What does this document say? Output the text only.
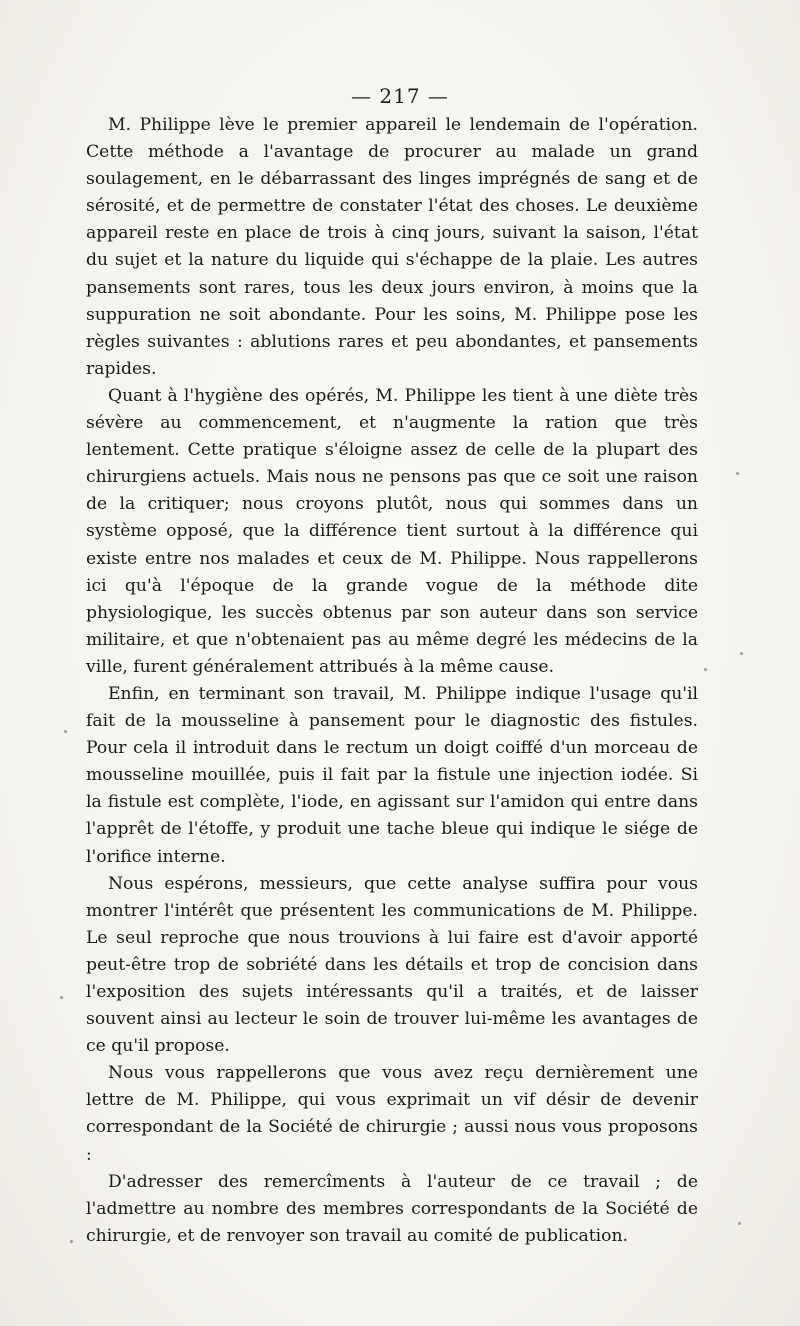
— 217 —

M. Philippe lève le premier appareil le lendemain de l'opération. Cette méthode a l'avantage de procurer au malade un grand soulagement, en le débarrassant des linges imprégnés de sang et de sérosité, et de permettre de constater l'état des choses. Le deuxième appareil reste en place de trois à cinq jours, suivant la saison, l'état du sujet et la nature du liquide qui s'échappe de la plaie. Les autres pansements sont rares, tous les deux jours environ, à moins que la suppuration ne soit abondante. Pour les soins, M. Philippe pose les règles suivantes : ablutions rares et peu abondantes, et pansements rapides.

Quant à l'hygiène des opérés, M. Philippe les tient à une diète très sévère au commencement, et n'augmente la ration que très lentement. Cette pratique s'éloigne assez de celle de la plupart des chirurgiens actuels. Mais nous ne pensons pas que ce soit une raison de la critiquer; nous croyons plutôt, nous qui sommes dans un système opposé, que la différence tient surtout à la différence qui existe entre nos malades et ceux de M. Philippe. Nous rappellerons ici qu'à l'époque de la grande vogue de la méthode dite physiologique, les succès obtenus par son auteur dans son service militaire, et que n'obtenaient pas au même degré les médecins de la ville, furent généralement attribués à la même cause.

Enfin, en terminant son travail, M. Philippe indique l'usage qu'il fait de la mousseline à pansement pour le diagnostic des fistules. Pour cela il introduit dans le rectum un doigt coiffé d'un morceau de mousseline mouillée, puis il fait par la fistule une injection iodée. Si la fistule est complète, l'iode, en agissant sur l'amidon qui entre dans l'apprêt de l'étoffe, y produit une tache bleue qui indique le siége de l'orifice interne.

Nous espérons, messieurs, que cette analyse suffira pour vous montrer l'intérêt que présentent les communications de M. Philippe. Le seul reproche que nous trouvions à lui faire est d'avoir apporté peut-être trop de sobriété dans les détails et trop de concision dans l'exposition des sujets intéressants qu'il a traités, et de laisser souvent ainsi au lecteur le soin de trouver lui-même les avantages de ce qu'il propose.

Nous vous rappellerons que vous avez reçu dernièrement une lettre de M. Philippe, qui vous exprimait un vif désir de devenir correspondant de la Société de chirurgie ; aussi nous vous proposons :

D'adresser des remercîments à l'auteur de ce travail ; de l'admettre au nombre des membres correspondants de la Société de chirurgie, et de renvoyer son travail au comité de publication.
